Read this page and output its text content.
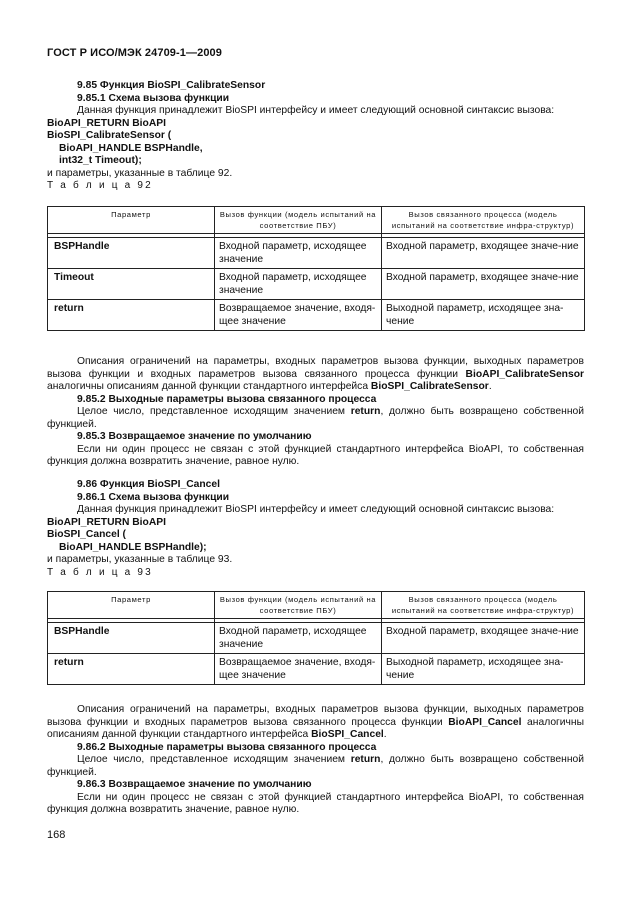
ГОСТ Р ИСО/МЭК 24709-1—2009
9.85 Функция BioSPI_CalibrateSensor
9.85.1 Схема вызова функции
Данная функция принадлежит BioSPI интерфейсу и имеет следующий основной синтаксис вызова:
BioAPI_RETURN BioAPI
BioSPI_CalibrateSensor (
BioAPI_HANDLE BSPHandle,
int32_t Timeout);
и параметры, указанные в таблице 92.
Т а б л и ц а 92
Параметр	Вызов функции (модель испытаний на соответствие ПБУ)	Вызов связанного процесса (модель испытаний на соответствие инфра-структур)

BSPHandle	Входной параметр, исходящее значение	Входной параметр, входящее значе-ние
Timeout	Входной параметр, исходящее значение	Входной параметр, входящее значе-ние
return	Возвращаемое значение, входя-щее значение	Выходной параметр, исходящее зна-чение
Описания ограничений на параметры, входных параметров вызова функции, выходных параметров вызова функции и входных параметров вызова связанного процесса функции BioAPI_CalibrateSensor аналогичны описаниям данной функции стандартного интерфейса BioSPI_CalibrateSensor.
9.85.2 Выходные параметры вызова связанного процесса
Целое число, представленное исходящим значением return, должно быть возвращено собственной функцией.
9.85.3 Возвращаемое значение по умолчанию
Если ни один процесс не связан с этой функцией стандартного интерфейса BioAPI, то собственная функция должна возвратить значение, равное нулю.
9.86 Функция BioSPI_Cancel
9.86.1 Схема вызова функции
Данная функция принадлежит BioSPI интерфейсу и имеет следующий основной синтаксис вызова:
BioAPI_RETURN BioAPI
BioSPI_Cancel (
BioAPI_HANDLE BSPHandle);
и параметры, указанные в таблице 93.
Т а б л и ц а 93
Параметр	Вызов функции (модель испытаний на соответствие ПБУ)	Вызов связанного процесса (модель испытаний на соответствие инфра-структур)

BSPHandle	Входной параметр, исходящее значение	Входной параметр, входящее значе-ние
return	Возвращаемое значение, входя-щее значение	Выходной параметр, исходящее зна-чение
Описания ограничений на параметры, входных параметров вызова функции, выходных параметров вызова функции и входных параметров вызова связанного процесса функции BioAPI_Cancel аналогичны описаниям данной функции стандартного интерфейса BioSPI_Cancel.
9.86.2 Выходные параметры вызова связанного процесса
Целое число, представленное исходящим значением return, должно быть возвращено собственной функцией.
9.86.3 Возвращаемое значение по умолчанию
Если ни один процесс не связан с этой функцией стандартного интерфейса BioAPI, то собственная функция должна возвратить значение, равное нулю.
168
